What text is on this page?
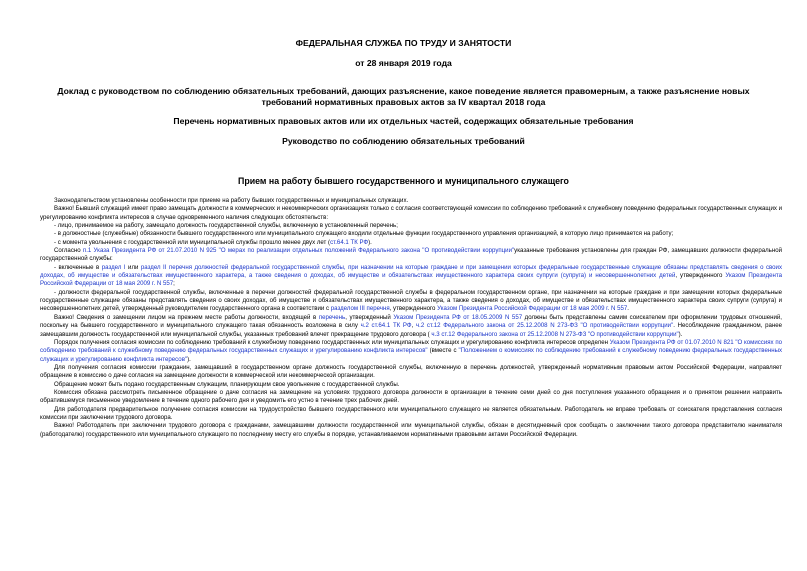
ФЕДЕРАЛЬНАЯ СЛУЖБА ПО ТРУДУ И ЗАНЯТОСТИ
от 28 января 2019 года
Доклад с руководством по соблюдению обязательных требований, дающих разъяснение, какое поведение является правомерным, а также разъяснение новых требований нормативных правовых актов за IV квартал 2018 года
Перечень нормативных правовых актов или их отдельных частей, содержащих обязательные требования
Руководство по соблюдению обязательных требований
Прием на работу бывшего государственного и муниципального служащего

Законодательством установлены особенности при приеме на работу бывших государственных и муниципальных служащих.

Важно! Бывший служащий имеет право замещать должности в коммерческих и некоммерческих организациях только с согласия соответствующей комиссии по соблюдению требований к служебному поведению федеральных государственных служащих и урегулированию конфликта интересов в случае одновременного наличия следующих обстоятельств:

- лицо, принимаемое на работу, замещало должность государственной службы, включенную в установленный перечень;

- в должностные (служебные) обязанности бывшего государственного или муниципального служащего входили отдельные функции государственного управления организацией, в которую лицо принимается на работу;

- с момента увольнения с государственной или муниципальной службы прошло менее двух лет (ст.64.1 ТК РФ).

Согласно п.1 Указа Президента РФ от 21.07.2010 N 925 "О мерах по реализации отдельных положений Федерального закона "О противодействии коррупции"указанные требования установлены для граждан РФ, замещавших должности федеральной государственной службы:

- включенные в раздел I или раздел II перечня должностей федеральной государственной службы, при назначении на которые граждане и при замещении которых федеральные государственные служащие обязаны представлять сведения о своих доходах, об имуществе и обязательствах имущественного характера, а также сведения о доходах, об имуществе и обязательствах имущественного характера своих супруги (супруга) и несовершеннолетних детей, утвержденного Указом Президента Российской Федерации от 18 мая 2009 г. N 557;

- должности федеральной государственной службы, включенные в перечни должностей федеральной государственной службы в федеральном государственном органе, при назначении на которые граждане и при замещении которых федеральные государственные служащие обязаны представлять сведения о своих доходах, об имуществе и обязательствах имущественного характера, а также сведения о доходах, об имуществе и обязательствах имущественного характера своих супруги (супруга) и несовершеннолетних детей, утвержденный руководителем государственного органа в соответствии с разделом III перечня, утвержденного Указом Президента Российской Федерации от 18 мая 2009 г. N 557.

Важно! Сведения о замещении лицом на прежнем месте работы должности, входящей в перечень, утвержденный Указом Президента РФ от 18.05.2009 N 557 должны быть представлены самим соискателем при оформлении трудовых отношений, поскольку на бывшего государственного и муниципального служащего такая обязанность возложена в силу ч.2 ст.64.1 ТК РФ, ч.2 ст.12 Федерального закона от 25.12.2008 N 273-ФЗ "О противодействии коррупции". Несоблюдение гражданином, ранее замещавшим должность государственной или муниципальной службы, указанных требований влечет прекращение трудового договора ( ч.3 ст.12 Федерального закона от 25.12.2008 N 273-ФЗ "О противодействии коррупции").

Порядок получения согласия комиссии по соблюдению требований к служебному поведению государственных или муниципальных служащих и урегулированию конфликта интересов определен Указом Президента РФ от 01.07.2010 N 821 "О комиссиях по соблюдению требований к служебному поведению федеральных государственных служащих и урегулированию конфликта интересов" (вместе с "Положением о комиссиях по соблюдению требований к служебному поведению федеральных государственных служащих и урегулированию конфликта интересов").

Для получения согласия комиссии гражданин, замещавший в государственном органе должность государственной службы, включенную в перечень должностей, утвержденный нормативным правовым актом Российской Федерации, направляет обращение в комиссию о даче согласия на замещение должности в коммерческой или некоммерческой организации.

Обращение может быть подано государственным служащим, планирующим свое увольнение с государственной службы.

Комиссия обязана рассмотреть письменное обращение о даче согласия на замещение на условиях трудового договора должности в организации в течение семи дней со дня поступления указанного обращения и о принятом решении направить обратившемуся письменное уведомление в течение одного рабочего дня и уведомить его устно в течение трех рабочих дней.

Для работодателя предварительное получение согласия комиссии на трудоустройство бывшего государственного или муниципального служащего не является обязательным. Работодатель не вправе требовать от соискателя представления согласия комиссии при заключении трудового договора.

Важно! Работодатель при заключении трудового договора с гражданами, замещавшими должности государственной или муниципальной службы, обязан в десятидневный срок сообщать о заключении такого договора представителю нанимателя (работодателю) государственного или муниципального служащего по последнему месту его службы в порядке, устанавливаемом нормативными правовыми актами Российской Федерации.
